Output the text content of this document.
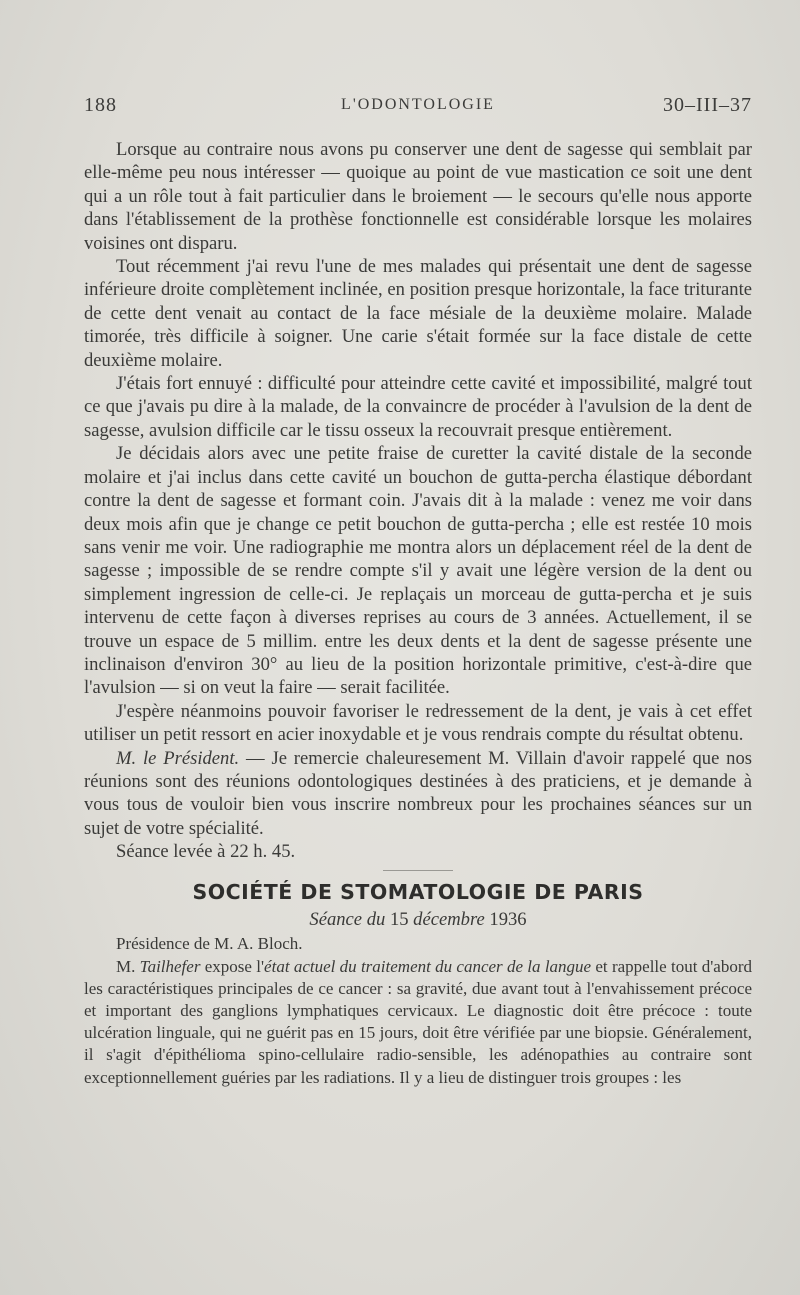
188	L'ODONTOLOGIE	30–III–37

Lorsque au contraire nous avons pu conserver une dent de sagesse qui semblait par elle-même peu nous intéresser — quoique au point de vue mastication ce soit une dent qui a un rôle tout à fait particulier dans le broiement — le secours qu'elle nous apporte dans l'établissement de la prothèse fonctionnelle est considérable lorsque les molaires voisines ont disparu.

Tout récemment j'ai revu l'une de mes malades qui présentait une dent de sagesse inférieure droite complètement inclinée, en position presque horizontale, la face triturante de cette dent venait au contact de la face mésiale de la deuxième molaire. Malade timorée, très difficile à soigner. Une carie s'était formée sur la face distale de cette deuxième molaire.

J'étais fort ennuyé : difficulté pour atteindre cette cavité et impossibilité, malgré tout ce que j'avais pu dire à la malade, de la convaincre de procéder à l'avulsion de la dent de sagesse, avulsion difficile car le tissu osseux la recouvrait presque entièrement.

Je décidais alors avec une petite fraise de curetter la cavité distale de la seconde molaire et j'ai inclus dans cette cavité un bouchon de gutta-percha élastique débordant contre la dent de sagesse et formant coin. J'avais dit à la malade : venez me voir dans deux mois afin que je change ce petit bouchon de gutta-percha ; elle est restée 10 mois sans venir me voir. Une radiographie me montra alors un déplacement réel de la dent de sagesse ; impossible de se rendre compte s'il y avait une légère version de la dent ou simplement ingression de celle-ci. Je replaçais un morceau de gutta-percha et je suis intervenu de cette façon à diverses reprises au cours de 3 années. Actuellement, il se trouve un espace de 5 millim. entre les deux dents et la dent de sagesse présente une inclinaison d'environ 30° au lieu de la position horizontale primitive, c'est-à-dire que l'avulsion — si on veut la faire — serait facilitée.

J'espère néanmoins pouvoir favoriser le redressement de la dent, je vais à cet effet utiliser un petit ressort en acier inoxydable et je vous rendrais compte du résultat obtenu.

M. le Président. — Je remercie chaleuresement M. Villain d'avoir rappelé que nos réunions sont des réunions odontologiques destinées à des praticiens, et je demande à vous tous de vouloir bien vous inscrire nombreux pour les prochaines séances sur un sujet de votre spécialité.

Séance levée à 22 h. 45.

SOCIÉTÉ DE STOMATOLOGIE DE PARIS
Séance du 15 décembre 1936

Présidence de M. A. Bloch.

M. Tailhefer expose l'état actuel du traitement du cancer de la langue et rappelle tout d'abord les caractéristiques principales de ce cancer : sa gravité, due avant tout à l'envahissement précoce et important des ganglions lymphatiques cervicaux. Le diagnostic doit être précoce : toute ulcération linguale, qui ne guérit pas en 15 jours, doit être vérifiée par une biopsie. Généralement, il s'agit d'épithélioma spino-cellulaire radio-sensible, les adénopathies au contraire sont exceptionnellement guéries par les radiations. Il y a lieu de distinguer trois groupes : les
